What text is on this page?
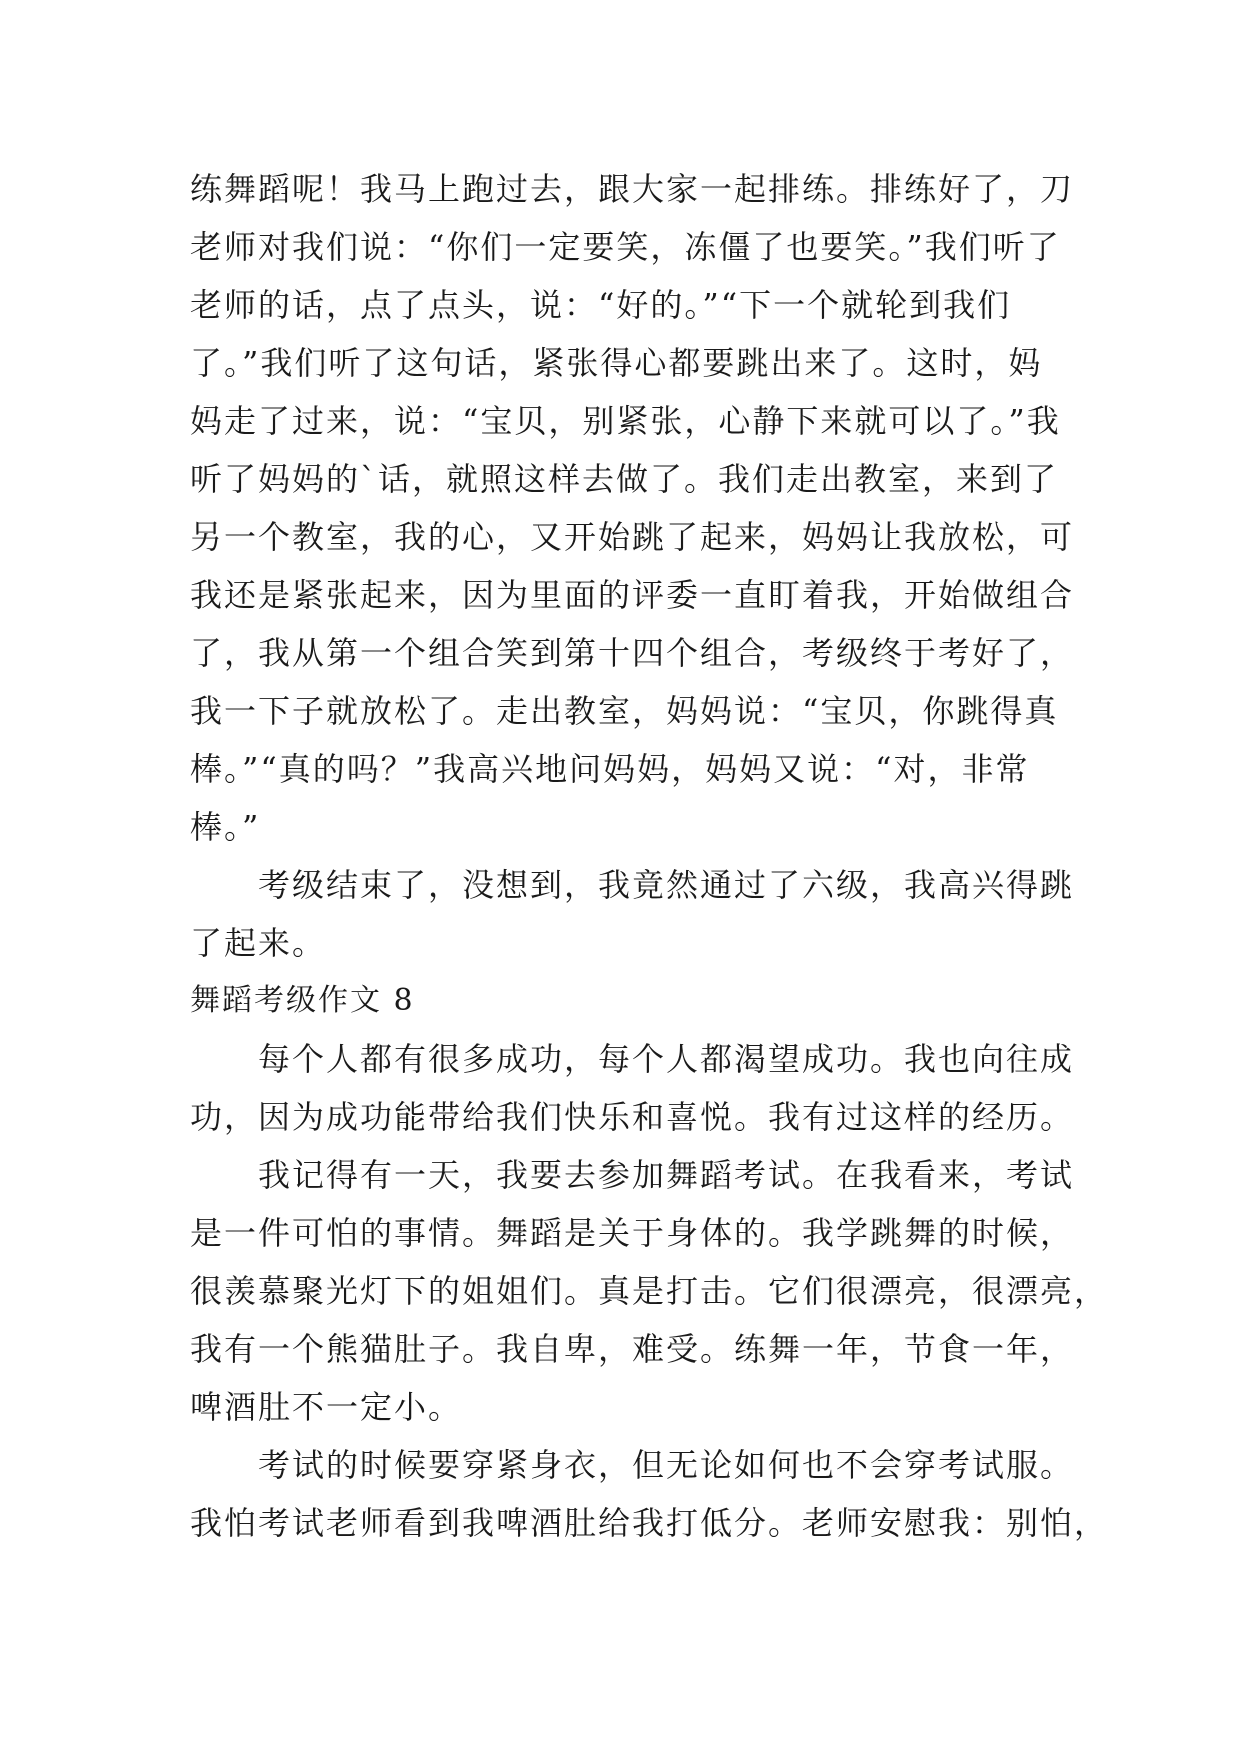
练舞蹈呢！我马上跑过去，跟大家一起排练。排练好了，刀
老师对我们说：“你们一定要笑，冻僵了也要笑。”我们听了
老师的话，点了点头，说：“好的。”“下一个就轮到我们
了。”我们听了这句话，紧张得心都要跳出来了。这时，妈
妈走了过来，说：“宝贝，别紧张，心静下来就可以了。”我
听了妈妈的`话，就照这样去做了。我们走出教室，来到了
另一个教室，我的心，又开始跳了起来，妈妈让我放松，可
我还是紧张起来，因为里面的评委一直盯着我，开始做组合
了，我从第一个组合笑到第十四个组合，考级终于考好了，
我一下子就放松了。走出教室，妈妈说：“宝贝，你跳得真
棒。”“真的吗？”我高兴地问妈妈，妈妈又说：“对，非常
棒。”
考级结束了，没想到，我竟然通过了六级，我高兴得跳
了起来。
舞蹈考级作文 8
每个人都有很多成功，每个人都渴望成功。我也向往成
功，因为成功能带给我们快乐和喜悦。我有过这样的经历。
我记得有一天，我要去参加舞蹈考试。在我看来，考试
是一件可怕的事情。舞蹈是关于身体的。我学跳舞的时候，
很羡慕聚光灯下的姐姐们。真是打击。它们很漂亮，很漂亮，
我有一个熊猫肚子。我自卑，难受。练舞一年，节食一年，
啤酒肚不一定小。
考试的时候要穿紧身衣，但无论如何也不会穿考试服。
我怕考试老师看到我啤酒肚给我打低分。老师安慰我：别怕，
